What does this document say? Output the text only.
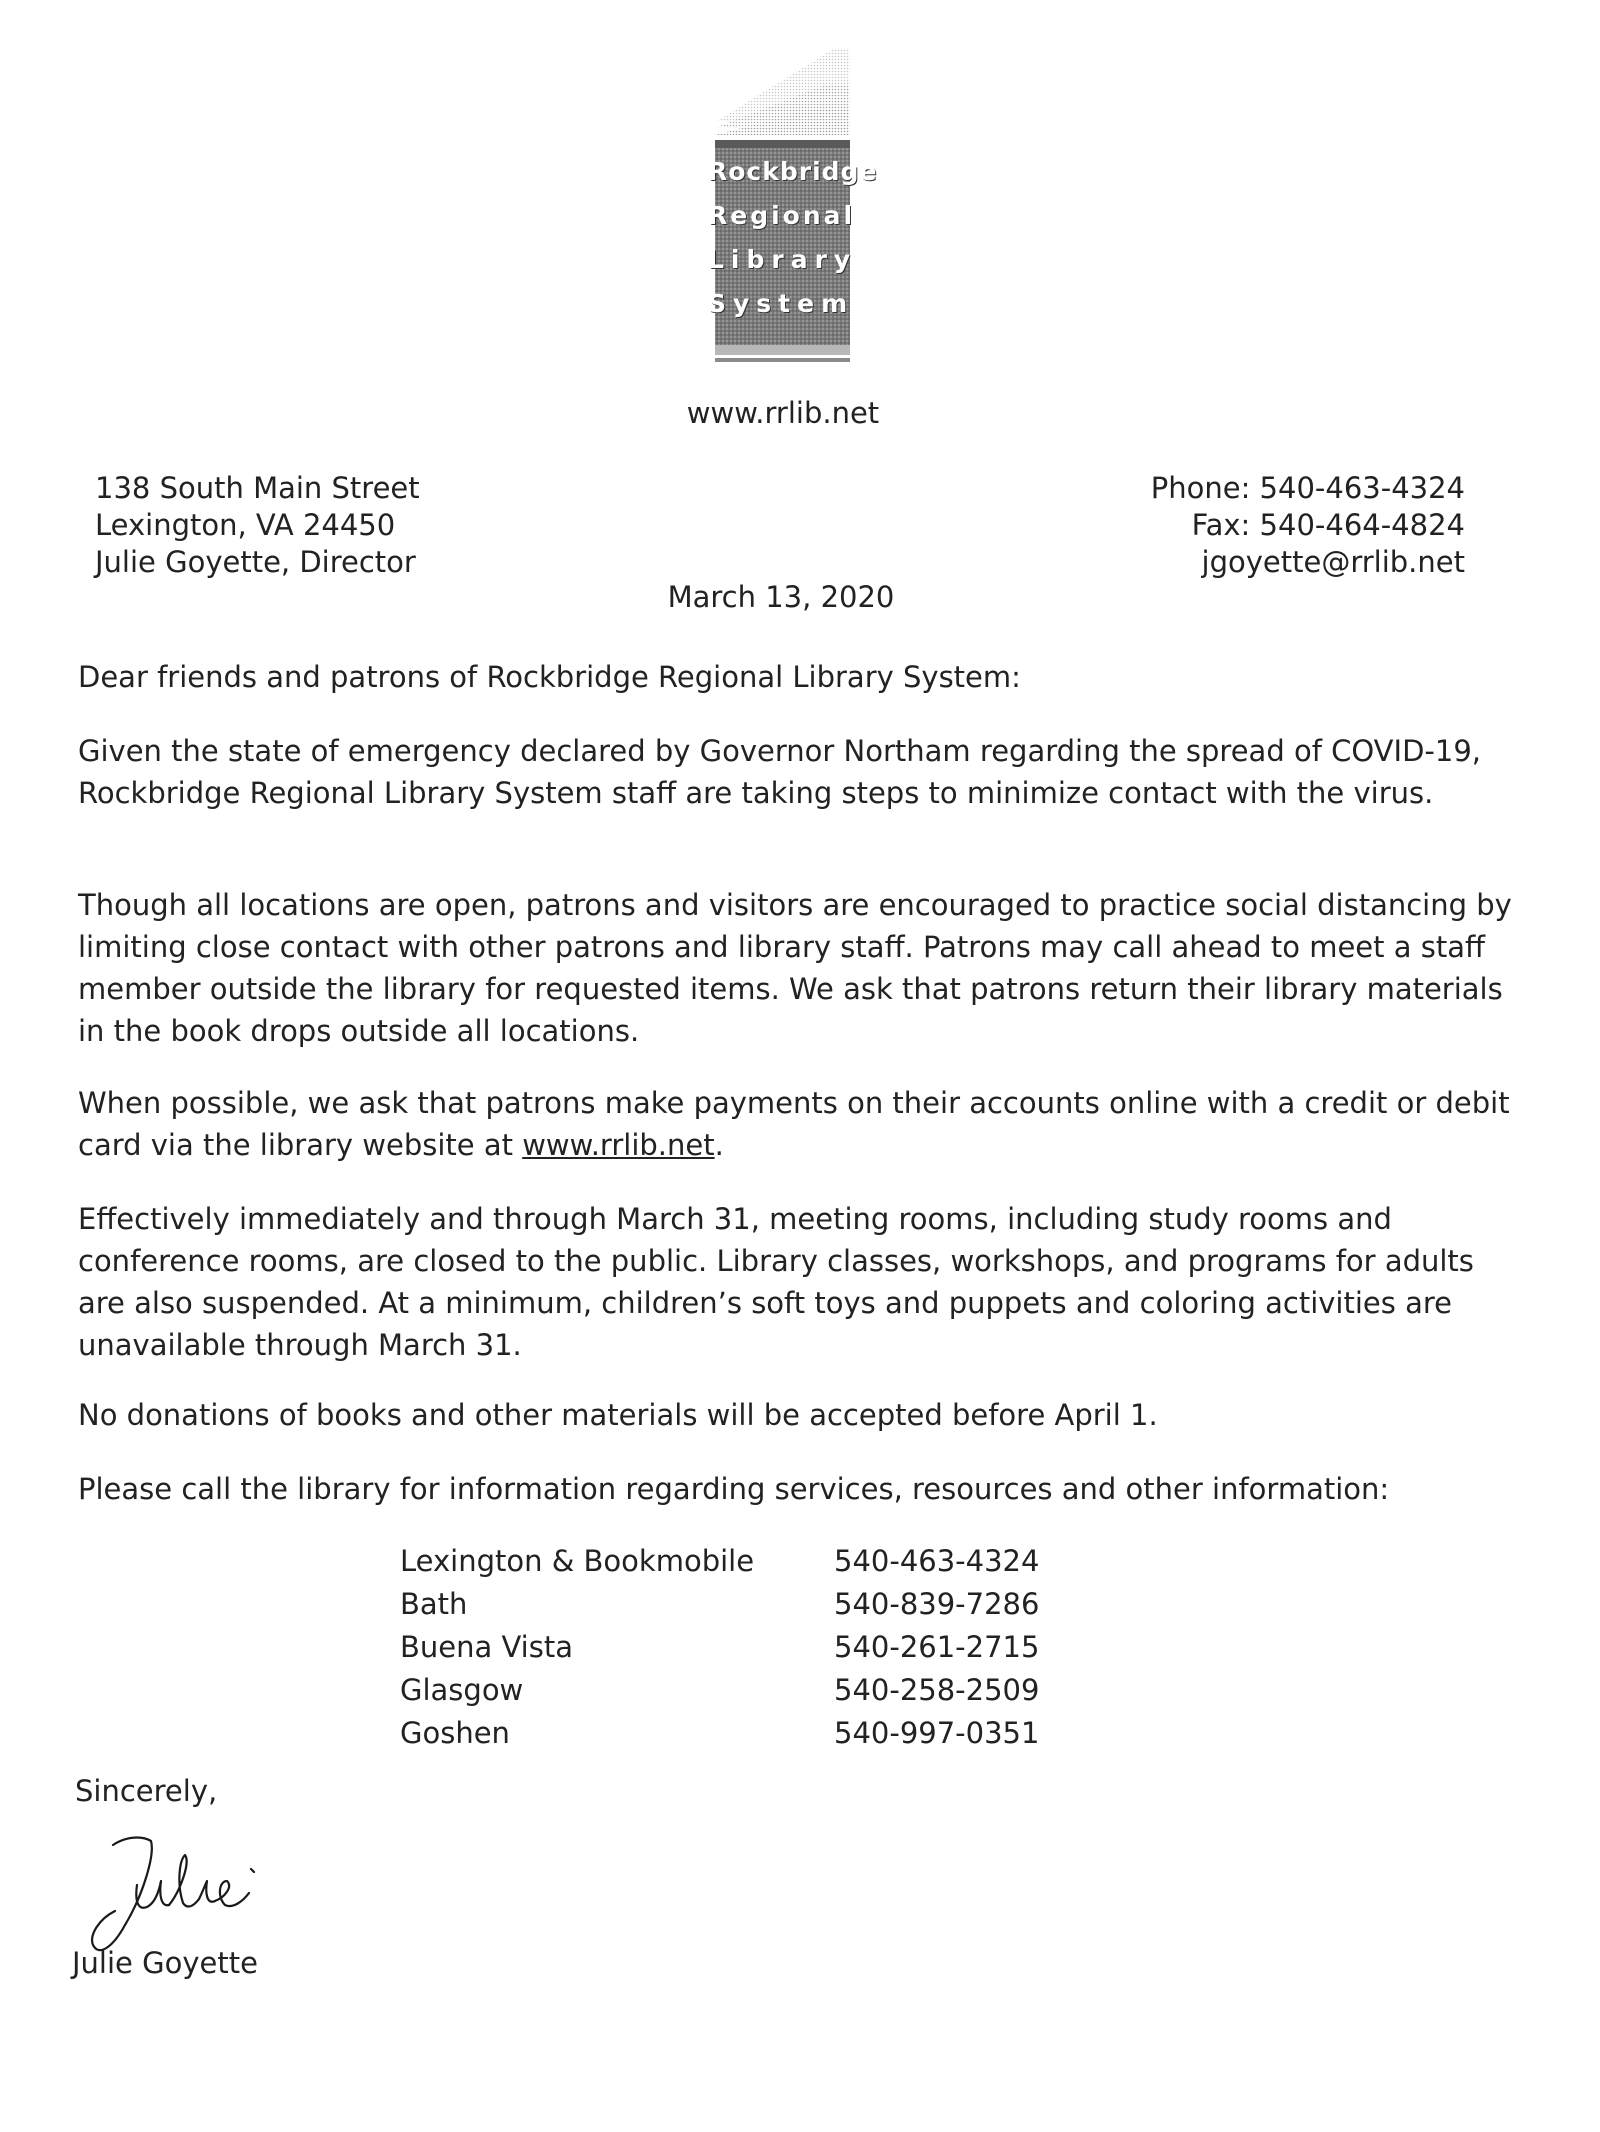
Rockbridge
Regional
Library
System
www.rrlib.net
138 South Main Street
Lexington, VA 24450
Julie Goyette, Director
Phone: 540-463-4324
Fax: 540-464-4824
jgoyette@rrlib.net
March 13, 2020
Dear friends and patrons of Rockbridge Regional Library System:

Given the state of emergency declared by Governor Northam regarding the spread of COVID-19, Rockbridge Regional Library System staff are taking steps to minimize contact with the virus.

Though all locations are open, patrons and visitors are encouraged to practice social distancing by limiting close contact with other patrons and library staff. Patrons may call ahead to meet a staff member outside the library for requested items. We ask that patrons return their library materials in the book drops outside all locations.

When possible, we ask that patrons make payments on their accounts online with a credit or debit card via the library website at www.rrlib.net.

Effectively immediately and through March 31, meeting rooms, including study rooms and conference rooms, are closed to the public. Library classes, workshops, and programs for adults are also suspended. At a minimum, children’s soft toys and puppets and coloring activities are unavailable through March 31.

No donations of books and other materials will be accepted before April 1.

Please call the library for information regarding services, resources and other information:

Lexington & Bookmobile	540-463-4324
Bath	540-839-7286
Buena Vista	540-261-2715
Glasgow	540-258-2509
Goshen	540-997-0351
Sincerely,
Julie Goyette
